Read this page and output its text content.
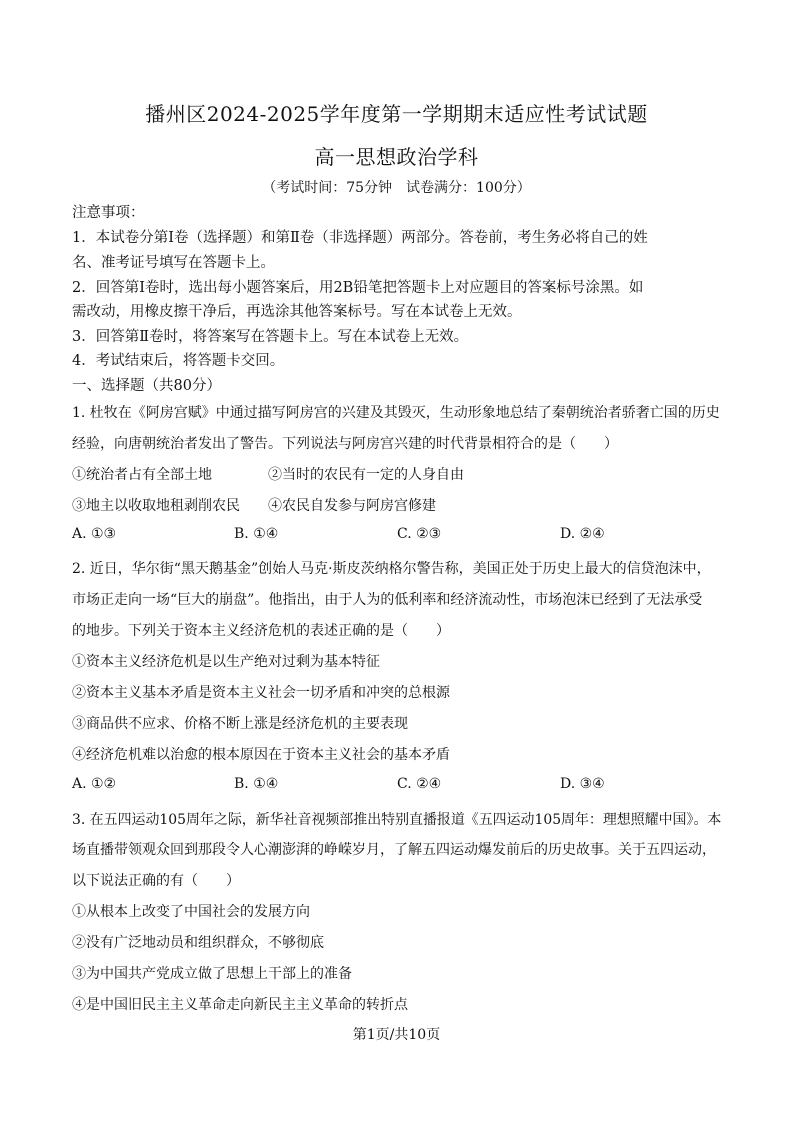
播州区2024-2025学年度第一学期期末适应性考试试题
高一思想政治学科
（考试时间：75分钟　试卷满分：100分）
注意事项：
1．本试卷分第Ⅰ卷（选择题）和第Ⅱ卷（非选择题）两部分。答卷前，考生务必将自己的姓
名、准考证号填写在答题卡上。
2．回答第Ⅰ卷时，选出每小题答案后，用2B铅笔把答题卡上对应题目的答案标号涂黑。如
需改动，用橡皮擦干净后，再选涂其他答案标号。写在本试卷上无效。
3．回答第Ⅱ卷时，将答案写在答题卡上。写在本试卷上无效。
4．考试结束后，将答题卡交回。
一、选择题（共80分）
1. 杜牧在《阿房宫赋》中通过描写阿房宫的兴建及其毁灭，生动形象地总结了秦朝统治者骄奢亡国的历史
经验，向唐朝统治者发出了警告。下列说法与阿房宫兴建的时代背景相符合的是（　　）
①统治者占有全部土地	②当时的农民有一定的人身自由
③地主以收取地租剥削农民 ④农民自发参与阿房宫修建
A. ①③	B. ①④	C. ②③	D. ②④
2. 近日，华尔街“黑天鹅基金”创始人马克·斯皮茨纳格尔警告称，美国正处于历史上最大的信贷泡沫中，
市场正走向一场“巨大的崩盘”。他指出，由于人为的低利率和经济流动性，市场泡沫已经到了无法承受
的地步。下列关于资本主义经济危机的表述正确的是（　　）
①资本主义经济危机是以生产绝对过剩为基本特征
②资本主义基本矛盾是资本主义社会一切矛盾和冲突的总根源
③商品供不应求、价格不断上涨是经济危机的主要表现
④经济危机难以治愈的根本原因在于资本主义社会的基本矛盾
A. ①②	B. ①④	C. ②④	D. ③④
3. 在五四运动105周年之际，新华社音视频部推出特别直播报道《五四运动105周年：理想照耀中国》。本
场直播带领观众回到那段令人心潮澎湃的峥嵘岁月，了解五四运动爆发前后的历史故事。关于五四运动，
以下说法正确的有（　　）
①从根本上改变了中国社会的发展方向
②没有广泛地动员和组织群众，不够彻底
③为中国共产党成立做了思想上干部上的准备
④是中国旧民主主义革命走向新民主主义革命的转折点
第1页/共10页
